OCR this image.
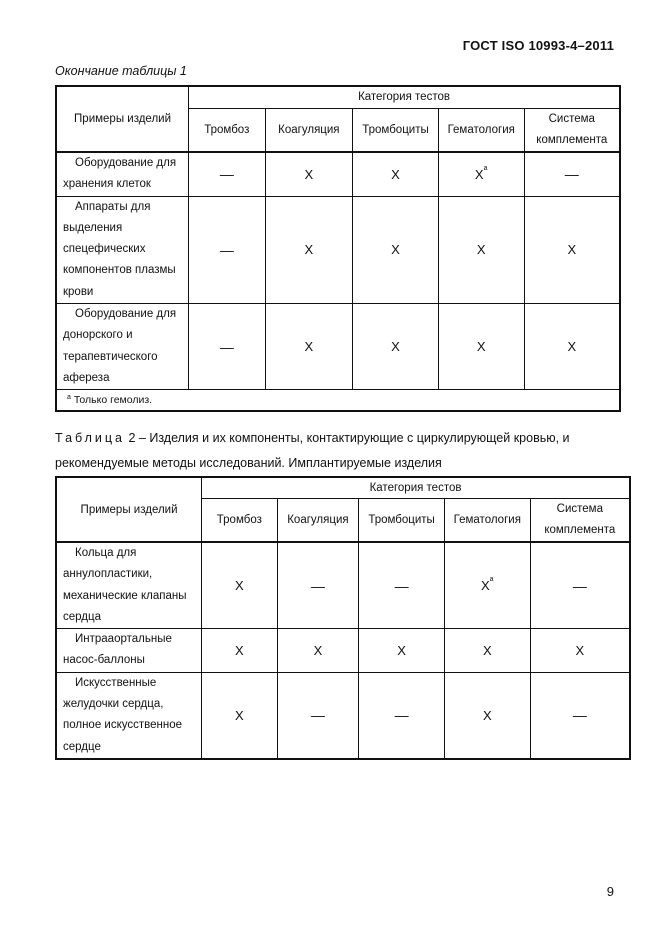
ГОСТ ISO 10993-4–2011
Окончание таблицы 1
Примеры изделий	Категория тестов				
	Тромбоз	Коагуляция	Тромбоциты	Гематология	Система комплемента
Оборудование для хранения клеток	—	X	X	$X^a$	—
Аппараты для выделения спецефических компонентов плазмы крови	—	X	X	X	X
Оборудование для донорского и терапевтического афереза	—	X	X	X	X
$^a$ Только гемолиз.					
Таблица 2 – Изделия и их компоненты, контактирующие с циркулирующей кровью, и рекомендуемые методы исследований. Имплантируемые изделия
Примеры изделий	Категория тестов				
	Тромбоз	Коагуляция	Тромбоциты	Гематология	Система комплемента
Кольца для аннулопластики, механические клапаны сердца	X	—	—	$X^a$	—
Интрааортальные насос-баллоны	X	X	X	X	X
Искусственные желудочки сердца, полное искусственное сердце	X	—	—	X	—
9
